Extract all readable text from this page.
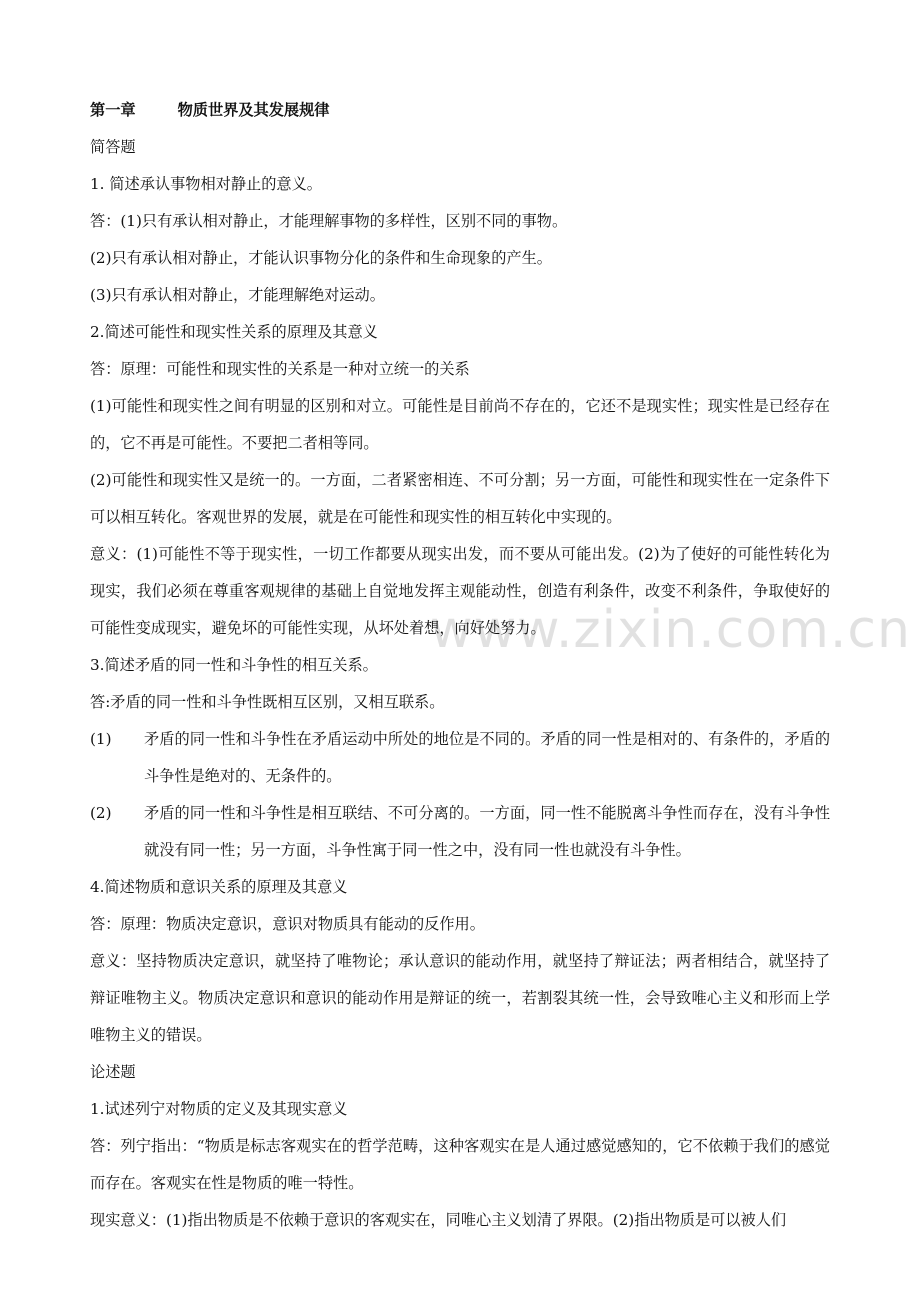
www.zixin.com.cn

第一章	物质世界及其发展规律

简答题

1. 简述承认事物相对静止的意义。

答：(1)只有承认相对静止，才能理解事物的多样性，区别不同的事物。

(2)只有承认相对静止，才能认识事物分化的条件和生命现象的产生。

(3)只有承认相对静止，才能理解绝对运动。

2.简述可能性和现实性关系的原理及其意义

答：原理：可能性和现实性的关系是一种对立统一的关系

(1)可能性和现实性之间有明显的区别和对立。可能性是目前尚不存在的，它还不是现实性；现实性是已经存在的，它不再是可能性。不要把二者相等同。

(2)可能性和现实性又是统一的。一方面，二者紧密相连、不可分割；另一方面，可能性和现实性在一定条件下可以相互转化。客观世界的发展，就是在可能性和现实性的相互转化中实现的。

意义：(1)可能性不等于现实性，一切工作都要从现实出发，而不要从可能出发。(2)为了使好的可能性转化为现实，我们必须在尊重客观规律的基础上自觉地发挥主观能动性，创造有利条件，改变不利条件，争取使好的可能性变成现实，避免坏的可能性实现，从坏处着想，向好处努力。

3.简述矛盾的同一性和斗争性的相互关系。

答:矛盾的同一性和斗争性既相互区别，又相互联系。

(1)	矛盾的同一性和斗争性在矛盾运动中所处的地位是不同的。矛盾的同一性是相对的、有条件的，矛盾的斗争性是绝对的、无条件的。
(2)	矛盾的同一性和斗争性是相互联结、不可分离的。一方面，同一性不能脱离斗争性而存在，没有斗争性就没有同一性；另一方面，斗争性寓于同一性之中，没有同一性也就没有斗争性。

4.简述物质和意识关系的原理及其意义

答：原理：物质决定意识，意识对物质具有能动的反作用。

意义：坚持物质决定意识，就坚持了唯物论；承认意识的能动作用，就坚持了辩证法；两者相结合，就坚持了辩证唯物主义。物质决定意识和意识的能动作用是辩证的统一，若割裂其统一性，会导致唯心主义和形而上学唯物主义的错误。

论述题

1.试述列宁对物质的定义及其现实意义

答：列宁指出：“物质是标志客观实在的哲学范畴，这种客观实在是人通过感觉感知的，它不依赖于我们的感觉而存在。客观实在性是物质的唯一特性。

现实意义：(1)指出物质是不依赖于意识的客观实在，同唯心主义划清了界限。(2)指出物质是可以被人们
